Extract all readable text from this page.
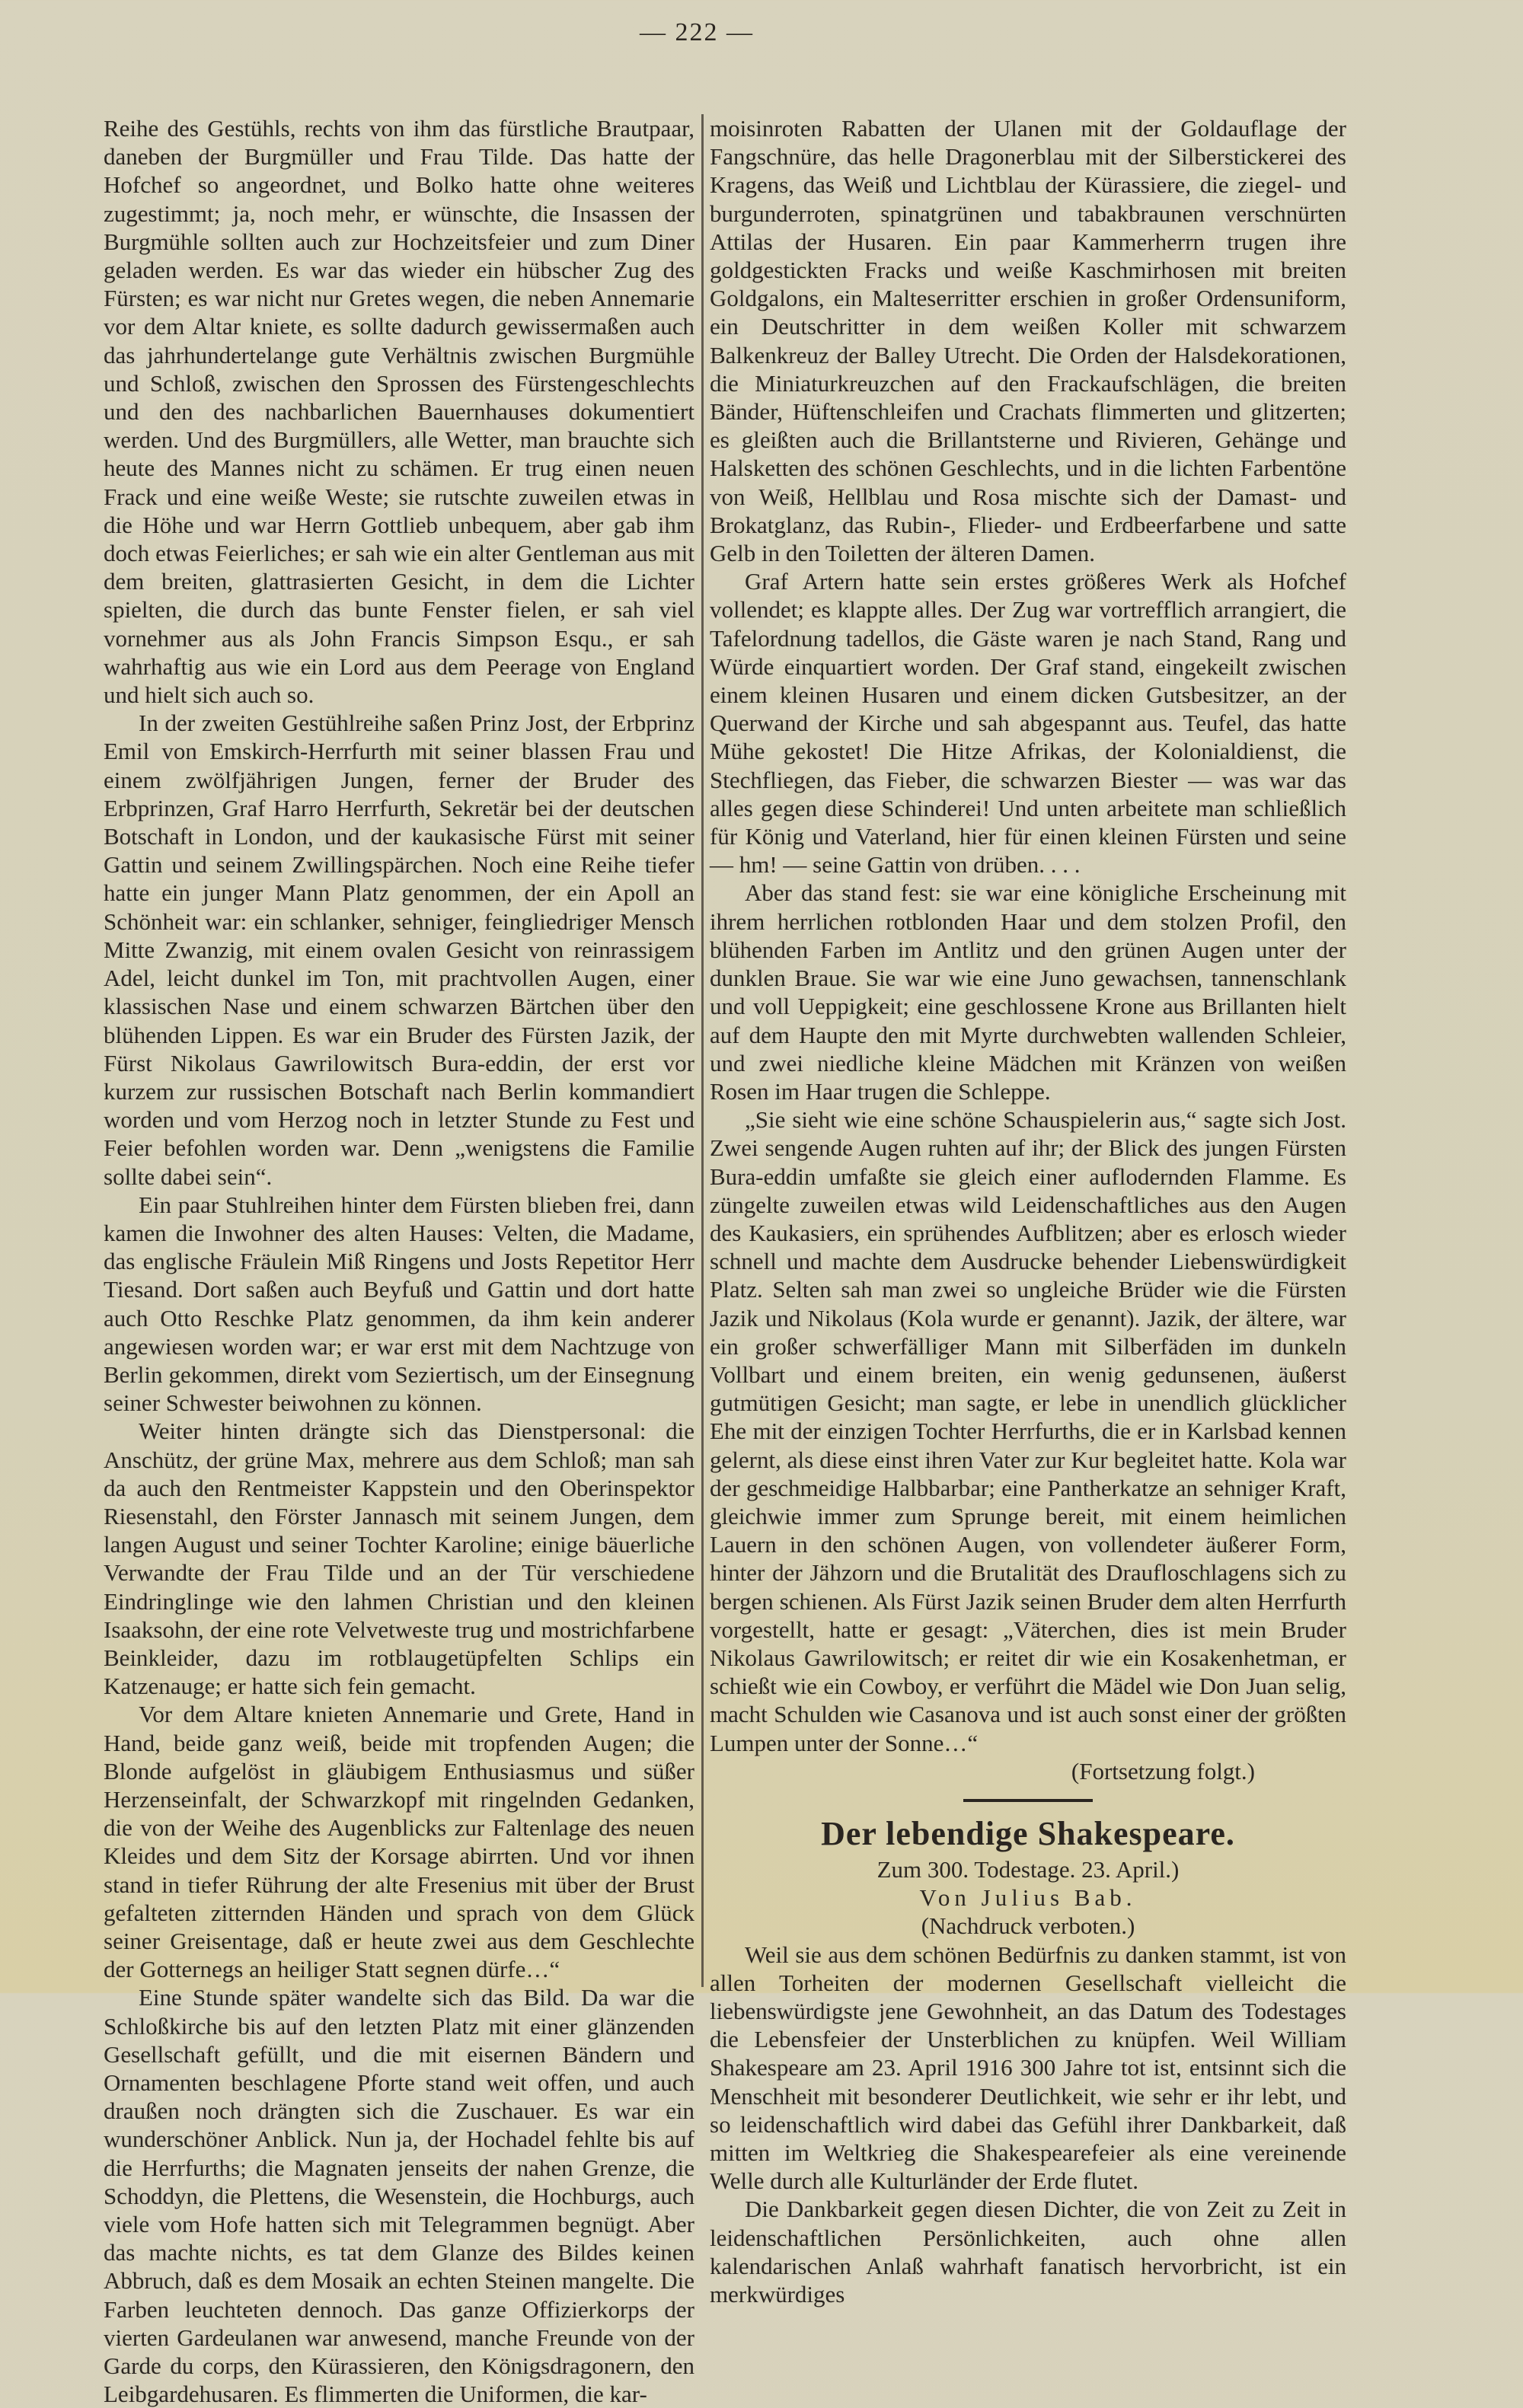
— 222 —

Reihe des Gestühls, rechts von ihm das fürstliche Brautpaar, daneben der Burgmüller und Frau Tilde. Das hatte der Hofchef so angeordnet, und Bolko hatte ohne weiteres zugestimmt; ja, noch mehr, er wünschte, die Insassen der Burgmühle sollten auch zur Hochzeitsfeier und zum Diner geladen werden. Es war das wieder ein hübscher Zug des Fürsten; es war nicht nur Gretes wegen, die neben Annemarie vor dem Altar kniete, es sollte dadurch gewissermaßen auch das jahrhundertelange gute Verhältnis zwischen Burgmühle und Schloß, zwischen den Sprossen des Fürstengeschlechts und den des nachbarlichen Bauernhauses dokumentiert werden. Und des Burgmüllers, alle Wetter, man brauchte sich heute des Mannes nicht zu schämen. Er trug einen neuen Frack und eine weiße Weste; sie rutschte zuweilen etwas in die Höhe und war Herrn Gottlieb unbequem, aber gab ihm doch etwas Feierliches; er sah wie ein alter Gentleman aus mit dem breiten, glattrasierten Gesicht, in dem die Lichter spielten, die durch das bunte Fenster fielen, er sah viel vornehmer aus als John Francis Simpson Esqu., er sah wahrhaftig aus wie ein Lord aus dem Peerage von England und hielt sich auch so.

In der zweiten Gestühlreihe saßen Prinz Jost, der Erbprinz Emil von Emskirch-Herrfurth mit seiner blassen Frau und einem zwölfjährigen Jungen, ferner der Bruder des Erbprinzen, Graf Harro Herrfurth, Sekretär bei der deutschen Botschaft in London, und der kaukasische Fürst mit seiner Gattin und seinem Zwillingspärchen. Noch eine Reihe tiefer hatte ein junger Mann Platz genommen, der ein Apoll an Schönheit war: ein schlanker, sehniger, feingliedriger Mensch Mitte Zwanzig, mit einem ovalen Gesicht von reinrassigem Adel, leicht dunkel im Ton, mit prachtvollen Augen, einer klassischen Nase und einem schwarzen Bärtchen über den blühenden Lippen. Es war ein Bruder des Fürsten Jazik, der Fürst Nikolaus Gawrilowitsch Bura-eddin, der erst vor kurzem zur russischen Botschaft nach Berlin kommandiert worden und vom Herzog noch in letzter Stunde zu Fest und Feier befohlen worden war. Denn „wenigstens die Familie sollte dabei sein“.

Ein paar Stuhlreihen hinter dem Fürsten blieben frei, dann kamen die Inwohner des alten Hauses: Velten, die Madame, das englische Fräulein Miß Ringens und Josts Repetitor Herr Tiesand. Dort saßen auch Beyfuß und Gattin und dort hatte auch Otto Reschke Platz genommen, da ihm kein anderer angewiesen worden war; er war erst mit dem Nachtzuge von Berlin gekommen, direkt vom Seziertisch, um der Einsegnung seiner Schwester beiwohnen zu können.

Weiter hinten drängte sich das Dienstpersonal: die Anschütz, der grüne Max, mehrere aus dem Schloß; man sah da auch den Rentmeister Kappstein und den Oberinspektor Riesenstahl, den Förster Jannasch mit seinem Jungen, dem langen August und seiner Tochter Karoline; einige bäuerliche Verwandte der Frau Tilde und an der Tür verschiedene Eindringlinge wie den lahmen Christian und den kleinen Isaaksohn, der eine rote Velvetweste trug und mostrichfarbene Beinkleider, dazu im rotblaugetüpfelten Schlips ein Katzenauge; er hatte sich fein gemacht.

Vor dem Altare knieten Annemarie und Grete, Hand in Hand, beide ganz weiß, beide mit tropfenden Augen; die Blonde aufgelöst in gläubigem Enthusiasmus und süßer Herzenseinfalt, der Schwarzkopf mit ringelnden Gedanken, die von der Weihe des Augenblicks zur Faltenlage des neuen Kleides und dem Sitz der Korsage abirrten. Und vor ihnen stand in tiefer Rührung der alte Fresenius mit über der Brust gefalteten zitternden Händen und sprach von dem Glück seiner Greisentage, daß er heute zwei aus dem Geschlechte der Gotternegs an heiliger Statt segnen dürfe…“

Eine Stunde später wandelte sich das Bild. Da war die Schloßkirche bis auf den letzten Platz mit einer glänzenden Gesellschaft gefüllt, und die mit eisernen Bändern und Ornamenten beschlagene Pforte stand weit offen, und auch draußen noch drängten sich die Zuschauer. Es war ein wunderschöner Anblick. Nun ja, der Hochadel fehlte bis auf die Herrfurths; die Magnaten jenseits der nahen Grenze, die Schoddyn, die Plettens, die Wesenstein, die Hochburgs, auch viele vom Hofe hatten sich mit Telegrammen begnügt. Aber das machte nichts, es tat dem Glanze des Bildes keinen Abbruch, daß es dem Mosaik an echten Steinen mangelte. Die Farben leuchteten dennoch. Das ganze Offizierkorps der vierten Gardeulanen war anwesend, manche Freunde von der Garde du corps, den Kürassieren, den Königsdragonern, den Leibgardehusaren. Es flimmerten die Uniformen, die kar-

moisinroten Rabatten der Ulanen mit der Goldauflage der Fangschnüre, das helle Dragonerblau mit der Silberstickerei des Kragens, das Weiß und Lichtblau der Kürassiere, die ziegel- und burgunderroten, spinatgrünen und tabakbraunen verschnürten Attilas der Husaren. Ein paar Kammerherrn trugen ihre goldgestickten Fracks und weiße Kaschmirhosen mit breiten Goldgalons, ein Malteserritter erschien in großer Ordensuniform, ein Deutschritter in dem weißen Koller mit schwarzem Balkenkreuz der Balley Utrecht. Die Orden der Halsdekorationen, die Miniaturkreuzchen auf den Frackaufschlägen, die breiten Bänder, Hüftenschleifen und Crachats flimmerten und glitzerten; es gleißten auch die Brillantsterne und Rivieren, Gehänge und Halsketten des schönen Geschlechts, und in die lichten Farbentöne von Weiß, Hellblau und Rosa mischte sich der Damast- und Brokatglanz, das Rubin-, Flieder- und Erdbeerfarbene und satte Gelb in den Toiletten der älteren Damen.

Graf Artern hatte sein erstes größeres Werk als Hofchef vollendet; es klappte alles. Der Zug war vortrefflich arrangiert, die Tafelordnung tadellos, die Gäste waren je nach Stand, Rang und Würde einquartiert worden. Der Graf stand, eingekeilt zwischen einem kleinen Husaren und einem dicken Gutsbesitzer, an der Querwand der Kirche und sah abgespannt aus. Teufel, das hatte Mühe gekostet! Die Hitze Afrikas, der Kolonialdienst, die Stechfliegen, das Fieber, die schwarzen Biester — was war das alles gegen diese Schinderei! Und unten arbeitete man schließlich für König und Vaterland, hier für einen kleinen Fürsten und seine — hm! — seine Gattin von drüben. . . .

Aber das stand fest: sie war eine königliche Erscheinung mit ihrem herrlichen rotblonden Haar und dem stolzen Profil, den blühenden Farben im Antlitz und den grünen Augen unter der dunklen Braue. Sie war wie eine Juno gewachsen, tannenschlank und voll Ueppigkeit; eine geschlossene Krone aus Brillanten hielt auf dem Haupte den mit Myrte durchwebten wallenden Schleier, und zwei niedliche kleine Mädchen mit Kränzen von weißen Rosen im Haar trugen die Schleppe.

„Sie sieht wie eine schöne Schauspielerin aus,“ sagte sich Jost. Zwei sengende Augen ruhten auf ihr; der Blick des jungen Fürsten Bura-eddin umfaßte sie gleich einer auflodernden Flamme. Es züngelte zuweilen etwas wild Leidenschaftliches aus den Augen des Kaukasiers, ein sprühendes Aufblitzen; aber es erlosch wieder schnell und machte dem Ausdrucke behender Liebenswürdigkeit Platz. Selten sah man zwei so ungleiche Brüder wie die Fürsten Jazik und Nikolaus (Kola wurde er genannt). Jazik, der ältere, war ein großer schwerfälliger Mann mit Silberfäden im dunkeln Vollbart und einem breiten, ein wenig gedunsenen, äußerst gutmütigen Gesicht; man sagte, er lebe in unendlich glücklicher Ehe mit der einzigen Tochter Herrfurths, die er in Karlsbad kennen gelernt, als diese einst ihren Vater zur Kur begleitet hatte. Kola war der geschmeidige Halbbarbar; eine Pantherkatze an sehniger Kraft, gleichwie immer zum Sprunge bereit, mit einem heimlichen Lauern in den schönen Augen, von vollendeter äußerer Form, hinter der Jähzorn und die Brutalität des Draufloschlagens sich zu bergen schienen. Als Fürst Jazik seinen Bruder dem alten Herrfurth vorgestellt, hatte er gesagt: „Väterchen, dies ist mein Bruder Nikolaus Gawrilowitsch; er reitet dir wie ein Kosakenhetman, er schießt wie ein Cowboy, er verführt die Mädel wie Don Juan selig, macht Schulden wie Casanova und ist auch sonst einer der größten Lumpen unter der Sonne…“

(Fortsetzung folgt.)

Der lebendige Shakespeare.

Zum 300. Todestage. 23. April.)

Von Julius Bab.

(Nachdruck verboten.)

Weil sie aus dem schönen Bedürfnis zu danken stammt, ist von allen Torheiten der modernen Gesellschaft vielleicht die liebenswürdigste jene Gewohnheit, an das Datum des Todestages die Lebensfeier der Unsterblichen zu knüpfen. Weil William Shakespeare am 23. April 1916 300 Jahre tot ist, entsinnt sich die Menschheit mit besonderer Deutlichkeit, wie sehr er ihr lebt, und so leidenschaftlich wird dabei das Gefühl ihrer Dankbarkeit, daß mitten im Weltkrieg die Shakespearefeier als eine vereinende Welle durch alle Kulturländer der Erde flutet.

Die Dankbarkeit gegen diesen Dichter, die von Zeit zu Zeit in leidenschaftlichen Persönlichkeiten, auch ohne allen kalendarischen Anlaß wahrhaft fanatisch hervorbricht, ist ein merkwürdiges
